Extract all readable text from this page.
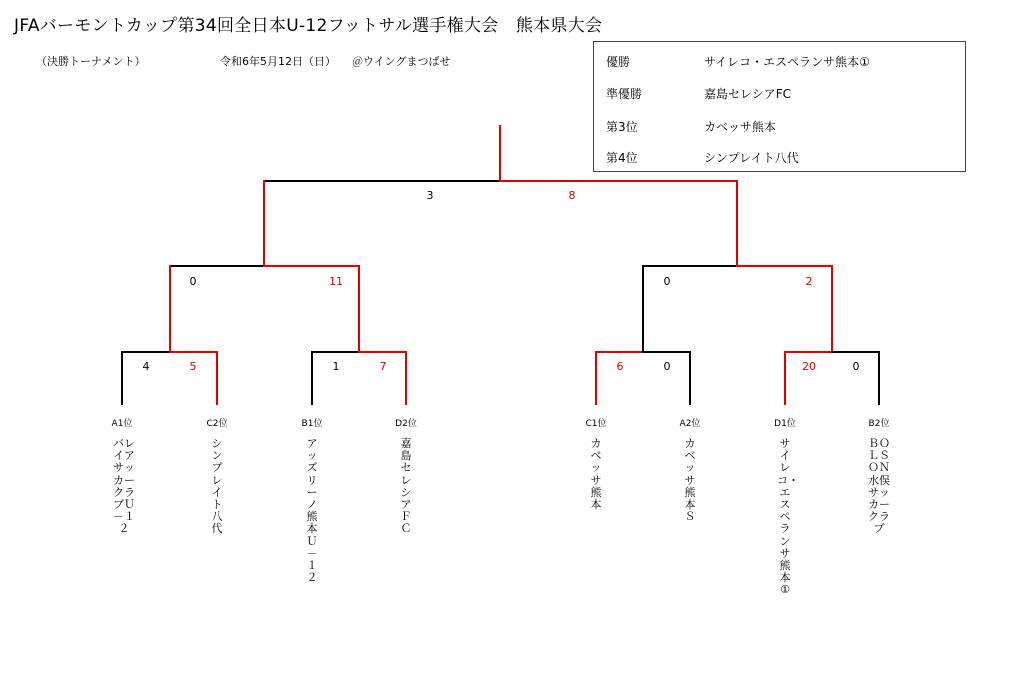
JFAバーモントカップ第34回全日本U-12フットサル選手権大会　熊本県大会
（決勝トーナメント）	令和6年5月12日（日） ＠ウイングまつばせ	優勝	サイレコ・エスペランサ熊本①
準優勝	嘉島セレシアFC
第3位	カベッサ熊本
第4位	シンプレイト八代
3	8
0	11	0	2
4	5	1	7	6	0	20	0
A1位	C2位	B1位	D2位	C1位	A2位	D1位	B2位
バレイアサッカークラブＵ－１２
シンプレイト八代
アッズリーノ熊本Ｕ－１２
嘉島セレシアＦＣ
カベッサ熊本
カベッサ熊本Ｓ
サイレコ・エスペランサ熊本①
ＢＯＬＳＯＮ水俣サッカークラブ
